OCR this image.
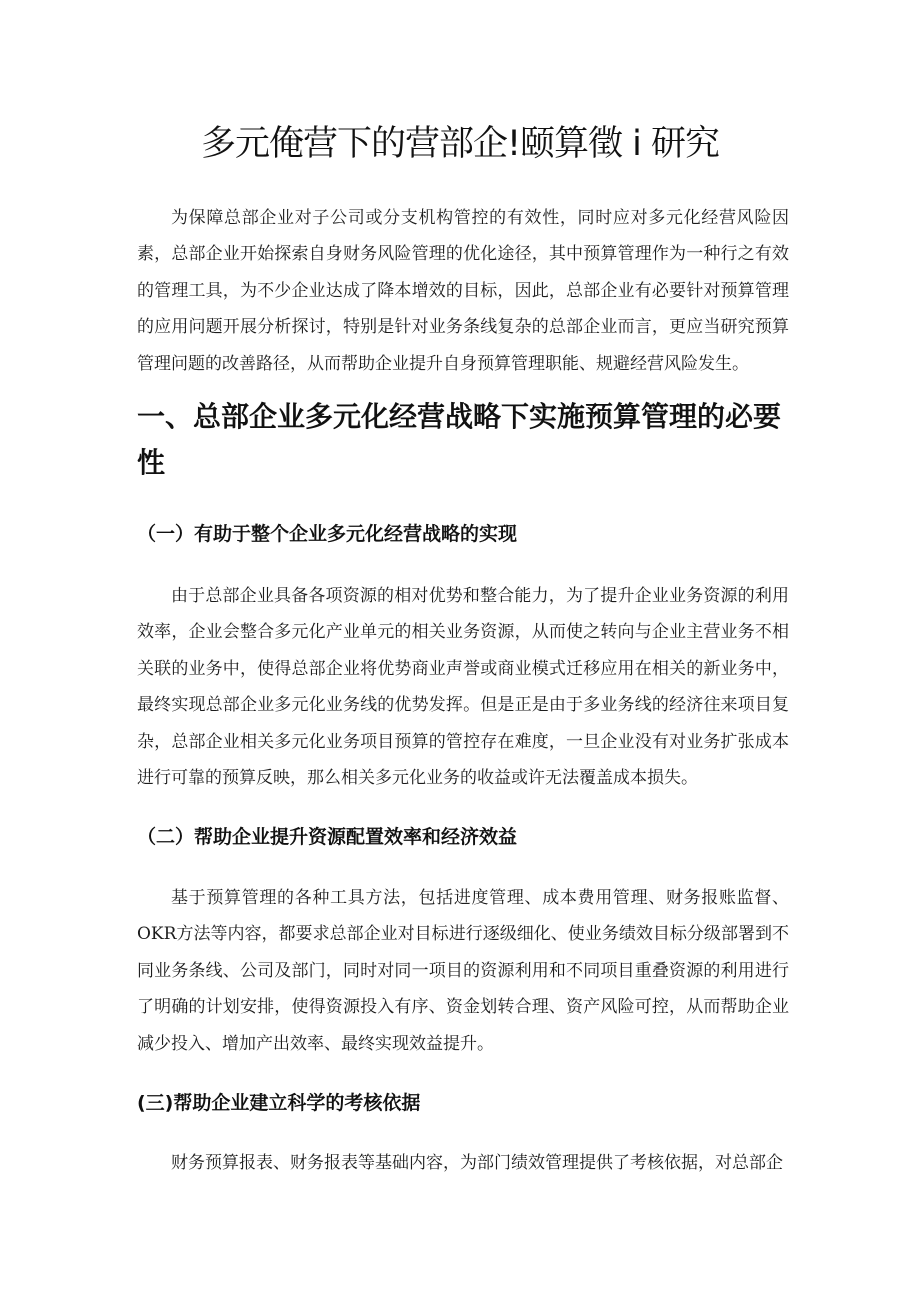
多元俺营下的营部企!颐算徵 i 研究

为保障总部企业对子公司或分支机构管控的有效性，同时应对多元化经营风险因素，总部企业开始探索自身财务风险管理的优化途径，其中预算管理作为一种行之有效的管理工具，为不少企业达成了降本增效的目标，因此，总部企业有必要针对预算管理的应用问题开展分析探讨，特别是针对业务条线复杂的总部企业而言，更应当研究预算管理问题的改善路径，从而帮助企业提升自身预算管理职能、规避经营风险发生。

一、总部企业多元化经营战略下实施预算管理的必要性
（一）有助于整个企业多元化经营战略的实现

由于总部企业具备各项资源的相对优势和整合能力，为了提升企业业务资源的利用效率，企业会整合多元化产业单元的相关业务资源，从而使之转向与企业主营业务不相关联的业务中，使得总部企业将优势商业声誉或商业模式迁移应用在相关的新业务中，最终实现总部企业多元化业务线的优势发挥。但是正是由于多业务线的经济往来项目复杂，总部企业相关多元化业务项目预算的管控存在难度，一旦企业没有对业务扩张成本进行可靠的预算反映，那么相关多元化业务的收益或许无法覆盖成本损失。

（二）帮助企业提升资源配置效率和经济效益

基于预算管理的各种工具方法，包括进度管理、成本费用管理、财务报账监督、OKR方法等内容，都要求总部企业对目标进行逐级细化、使业务绩效目标分级部署到不同业务条线、公司及部门，同时对同一项目的资源利用和不同项目重叠资源的利用进行了明确的计划安排，使得资源投入有序、资金划转合理、资产风险可控，从而帮助企业减少投入、增加产出效率、最终实现效益提升。

(三)帮助企业建立科学的考核依据

财务预算报表、财务报表等基础内容，为部门绩效管理提供了考核依据，对总部企
